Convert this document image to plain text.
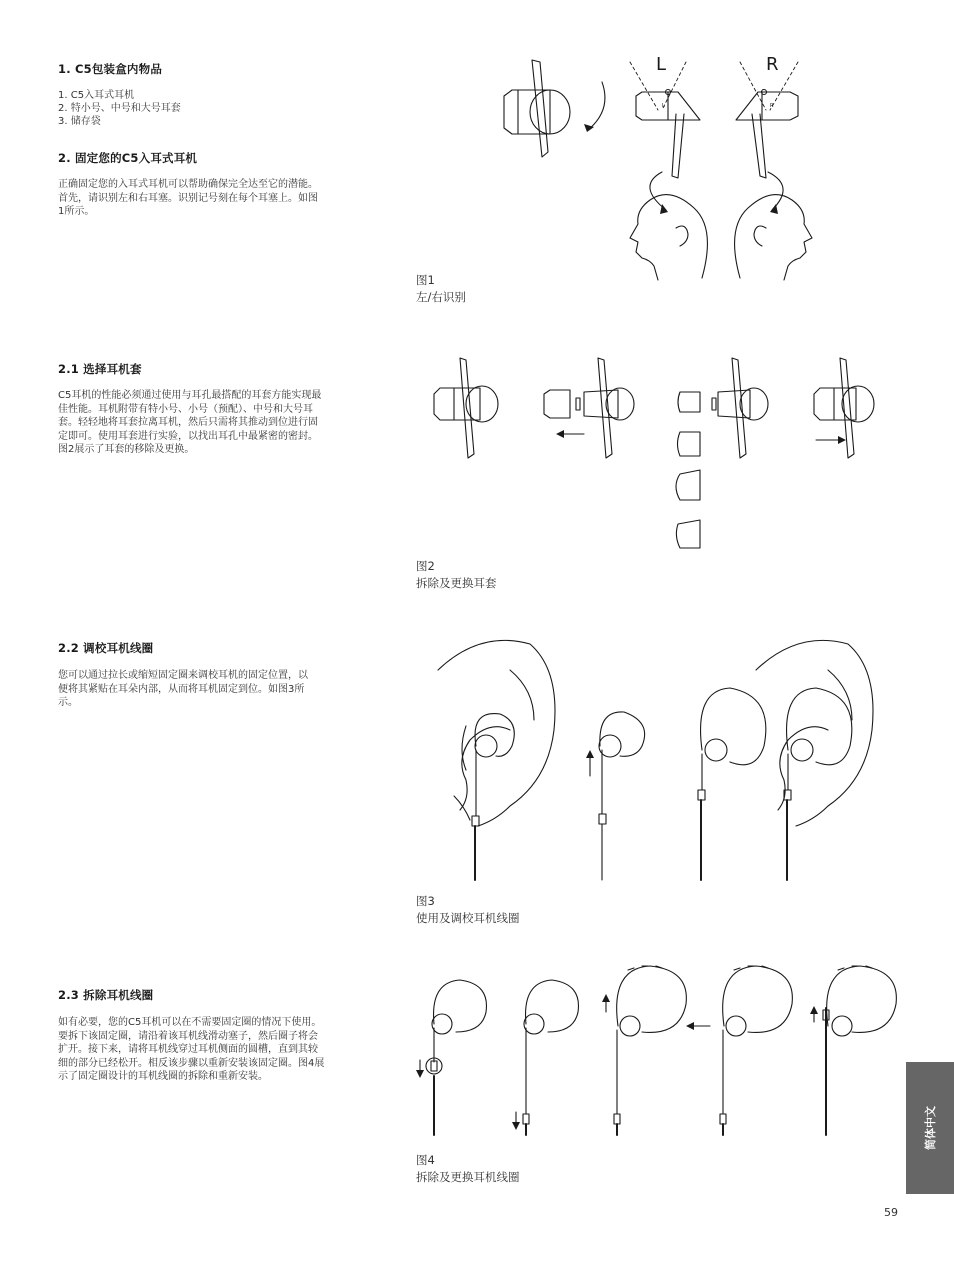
1. C5包装盒内物品
1. C5入耳式耳机
2. 特小号、中号和大号耳套
3. 储存袋
2. 固定您的C5入耳式耳机
正确固定您的入耳式耳机可以帮助确保完全达至它的潜能。首先，请识别左和右耳塞。识别记号刻在每个耳塞上。如图1所示。
2.1 选择耳机套
C5耳机的性能必须通过使用与耳孔最搭配的耳套方能实现最佳性能。耳机附带有特小号、小号（预配）、中号和大号耳套。轻轻地将耳套拉离耳机，然后只需将其推动到位进行固定即可。使用耳套进行实验，以找出耳孔中最紧密的密封。 图2展示了耳套的移除及更换。
2.2 调校耳机线圈
您可以通过拉长或缩短固定圈来调校耳机的固定位置，以便将其紧贴在耳朵内部，从而将耳机固定到位。如图3所示。
2.3 拆除耳机线圈
如有必要，您的C5耳机可以在不需要固定圈的情况下使用。要拆下该固定圈，请沿着该耳机线滑动塞子，然后圈子将会扩开。接下来，请将耳机线穿过耳机侧面的圆槽，直到其较细的部分已经松开。相反该步骤以重新安装该固定圈。图4展示了固定圈设计的耳机线圈的拆除和重新安装。
L
L
R
R
图1
左/右识别
图2
拆除及更换耳套
图3
使用及调校耳机线圈
图4
拆除及更换耳机线圈
简体中文
59
